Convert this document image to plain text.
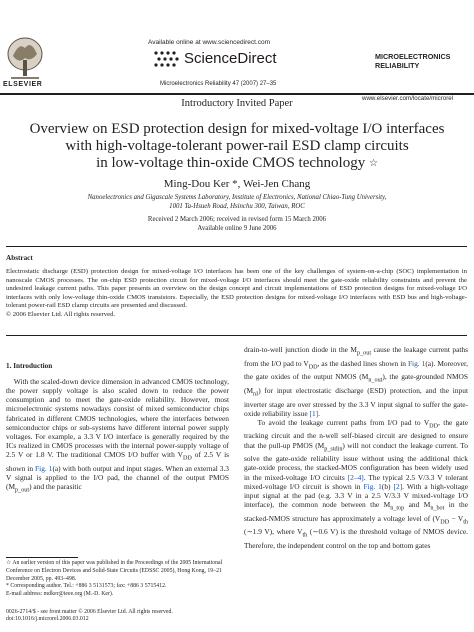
ELSEVIER
Available online at www.sciencedirect.com
ScienceDirect
Microelectronics Reliability 47 (2007) 27–35
MICROELECTRONICS
RELIABILITY
www.elsevier.com/locate/microrel
Introductory Invited Paper
Overview on ESD protection design for mixed-voltage I/O interfaces
with high-voltage-tolerant power-rail ESD clamp circuits
in low-voltage thin-oxide CMOS technology ☆
Ming-Dou Ker *, Wei-Jen Chang
Nanoelectronics and Gigascale Systems Laboratory, Institute of Electronics, National Chiao-Tung University,
1001 Ta-Hsueh Road, Hsinchu 300, Taiwan, ROC
Received 2 March 2006; received in revised form 15 March 2006
Available online 9 June 2006
Abstract
Electrostatic discharge (ESD) protection design for mixed-voltage I/O interfaces has been one of the key challenges of system-on-a-chip (SOC) implementation in nanoscale CMOS processes. The on-chip ESD protection circuit for mixed-voltage I/O interfaces should meet the gate-oxide reliability constraints and prevent the undesired leakage current paths. This paper presents an overview on the design concept and circuit implementations of ESD protection designs for mixed-voltage I/O interfaces with only low-voltage thin-oxide CMOS transistors. Especially, the ESD protection designs for mixed-voltage I/O interfaces with ESD bus and high-voltage-tolerant power-rail ESD clamp circuits are presented and discussed.
© 2006 Elsevier Ltd. All rights reserved.
1. Introduction
With the scaled-down device dimension in advanced CMOS technology, the power supply voltage is also scaled down to reduce the power consumption and to meet the gate-oxide reliability. However, most microelectronic systems nowadays consist of mixed semiconductor chips fabricated in different CMOS technologies, where the interfaces between semiconductor chips or sub-systems have different internal power supply voltages. For example, a 3.3 V I/O interface is generally required by the ICs realized in CMOS processes with the internal power-supply voltage of 2.5 V or 1.8 V. The traditional CMOS I/O buffer with $V_{DD}$ of 2.5 V is shown in Fig. 1(a) with both output and input stages. When an external 3.3 V signal is applied to the I/O pad, the channel of the output PMOS $(M_{p\_out})$ and the parasitic
drain-to-well junction diode in the $M_{p\_out}$ cause the leakage current paths from the I/O pad to $V_{DD}$, as the dashed lines shown in Fig. 1(a). Moreover, the gate oxides of the output NMOS $(M_{n\_out})$, the gate-grounded NMOS $(M_{nI})$ for input electrostatic discharge (ESD) protection, and the input inverter stage are over stressed by the 3.3 V input signal to suffer the gate-oxide reliability issue [1].
To avoid the leakage current paths from I/O pad to $V_{DD}$, the gate tracking circuit and the n-well self-biased circuit are designed to ensure that the pull-up PMOS $(M_{p\_stdin})$ will not conduct the leakage current. To solve the gate-oxide reliability issue without using the additional thick gate-oxide process, the stacked-MOS configuration has been widely used in the mixed-voltage I/O circuits [2–4]. The typical 2.5 V/3.3 V tolerant mixed-voltage I/O circuit is shown in Fig. 1(b) [2]. With a high-voltage input signal at the pad (e.g. 3.3 V in a 2.5 V/3.3 V mixed-voltage I/O interface), the common node between the $M_{n\_top}$ and $M_{n\_bot}$ in the stacked-NMOS structure has approximately a voltage level of ($V_{DD} - V_{th}$ (∼1.9 V), where $V_{th}$ (∼0.6 V) is the threshold voltage of NMOS device. Therefore, the independent control on the top and bottom gates
☆ An earlier version of this paper was published in the Proceedings of the 2005 International Conference on Electron Devices and Solid-State Circuits (EDSSC 2005), Hong Kong, 19–21 December 2005, pp. 493–498.
* Corresponding author. Tel.: +886 3 5131573; fax: +886 3 5715412.
E-mail address: mdker@ieee.org (M.-D. Ker).
0026-2714/$ - see front matter © 2006 Elsevier Ltd. All rights reserved.
doi:10.1016/j.microrel.2006.03.012
